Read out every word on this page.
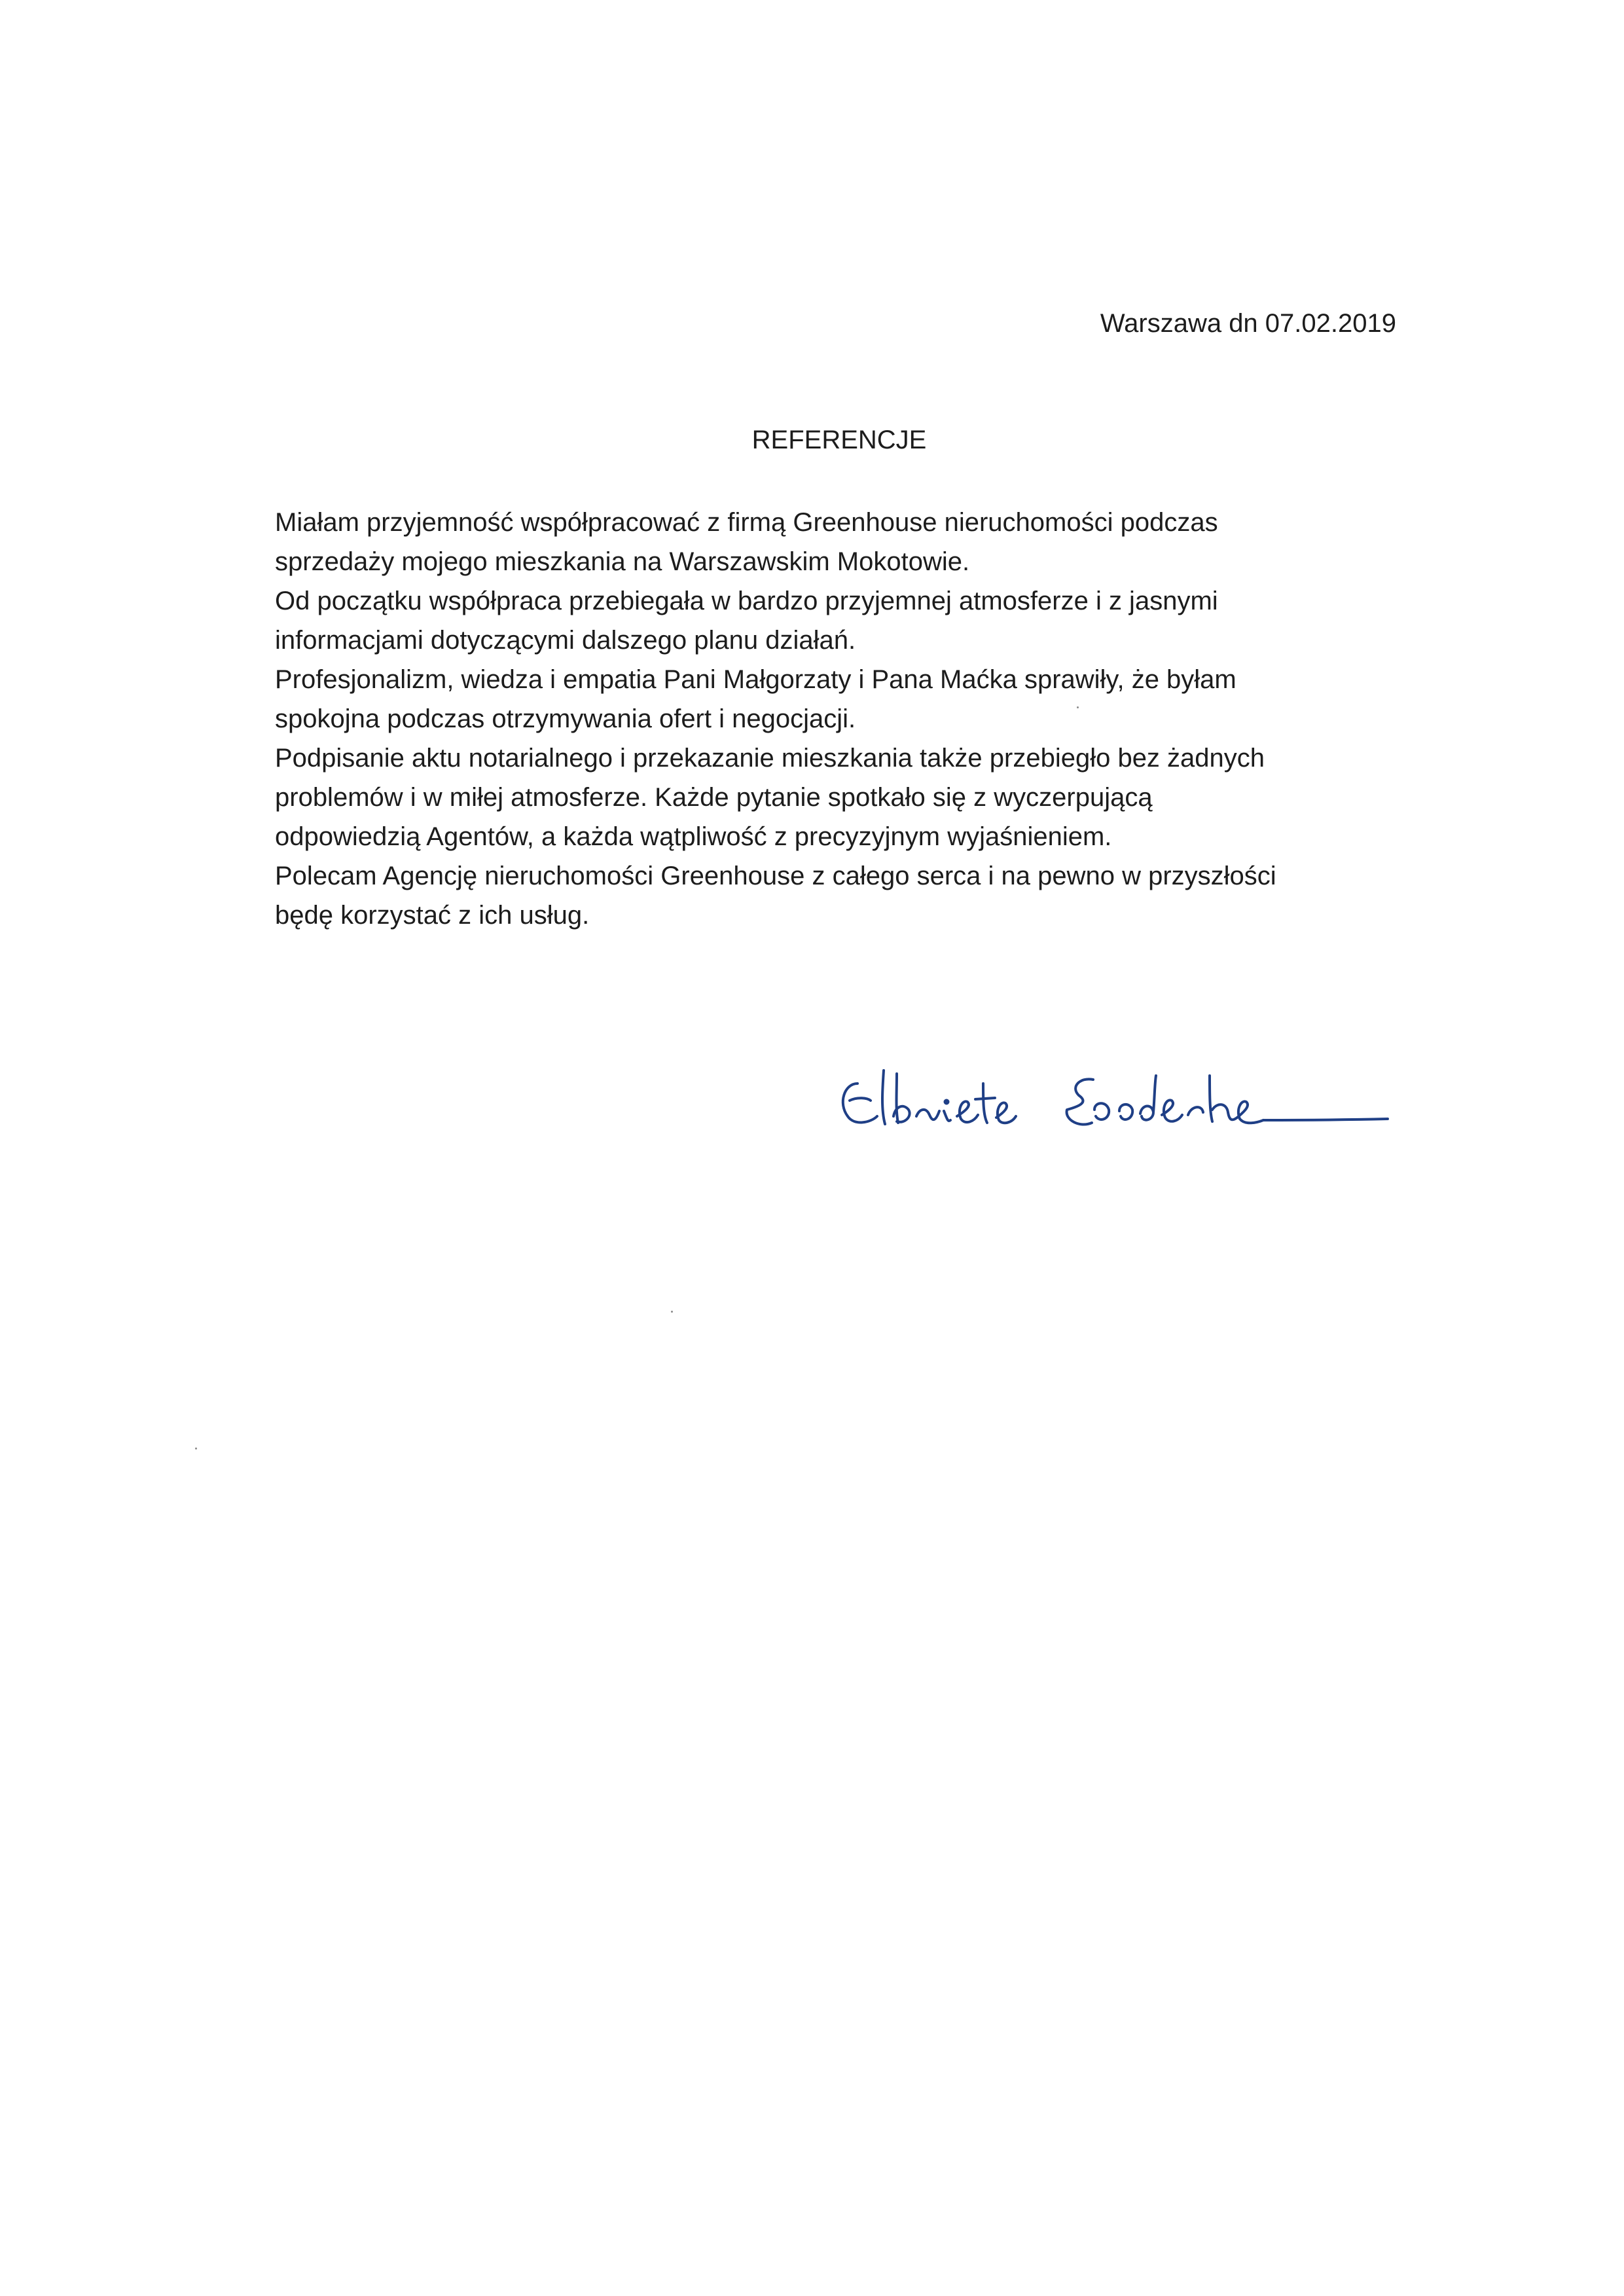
Warszawa dn 07.02.2019
REFERENCJE
Miałam przyjemność współpracować z firmą Greenhouse nieruchomości podczas
sprzedaży mojego mieszkania na Warszawskim Mokotowie.
Od początku współpraca przebiegała w bardzo przyjemnej atmosferze i z jasnymi
informacjami dotyczącymi dalszego planu działań.
Profesjonalizm, wiedza i empatia Pani Małgorzaty i Pana Maćka sprawiły, że byłam
spokojna podczas otrzymywania ofert i negocjacji.
Podpisanie aktu notarialnego i przekazanie mieszkania także przebiegło bez żadnych
problemów i w miłej atmosferze. Każde pytanie spotkało się z wyczerpującą
odpowiedzią Agentów, a każda wątpliwość z precyzyjnym wyjaśnieniem.
Polecam Agencję nieruchomości Greenhouse z całego serca i na pewno w przyszłości
będę korzystać z ich usług.
